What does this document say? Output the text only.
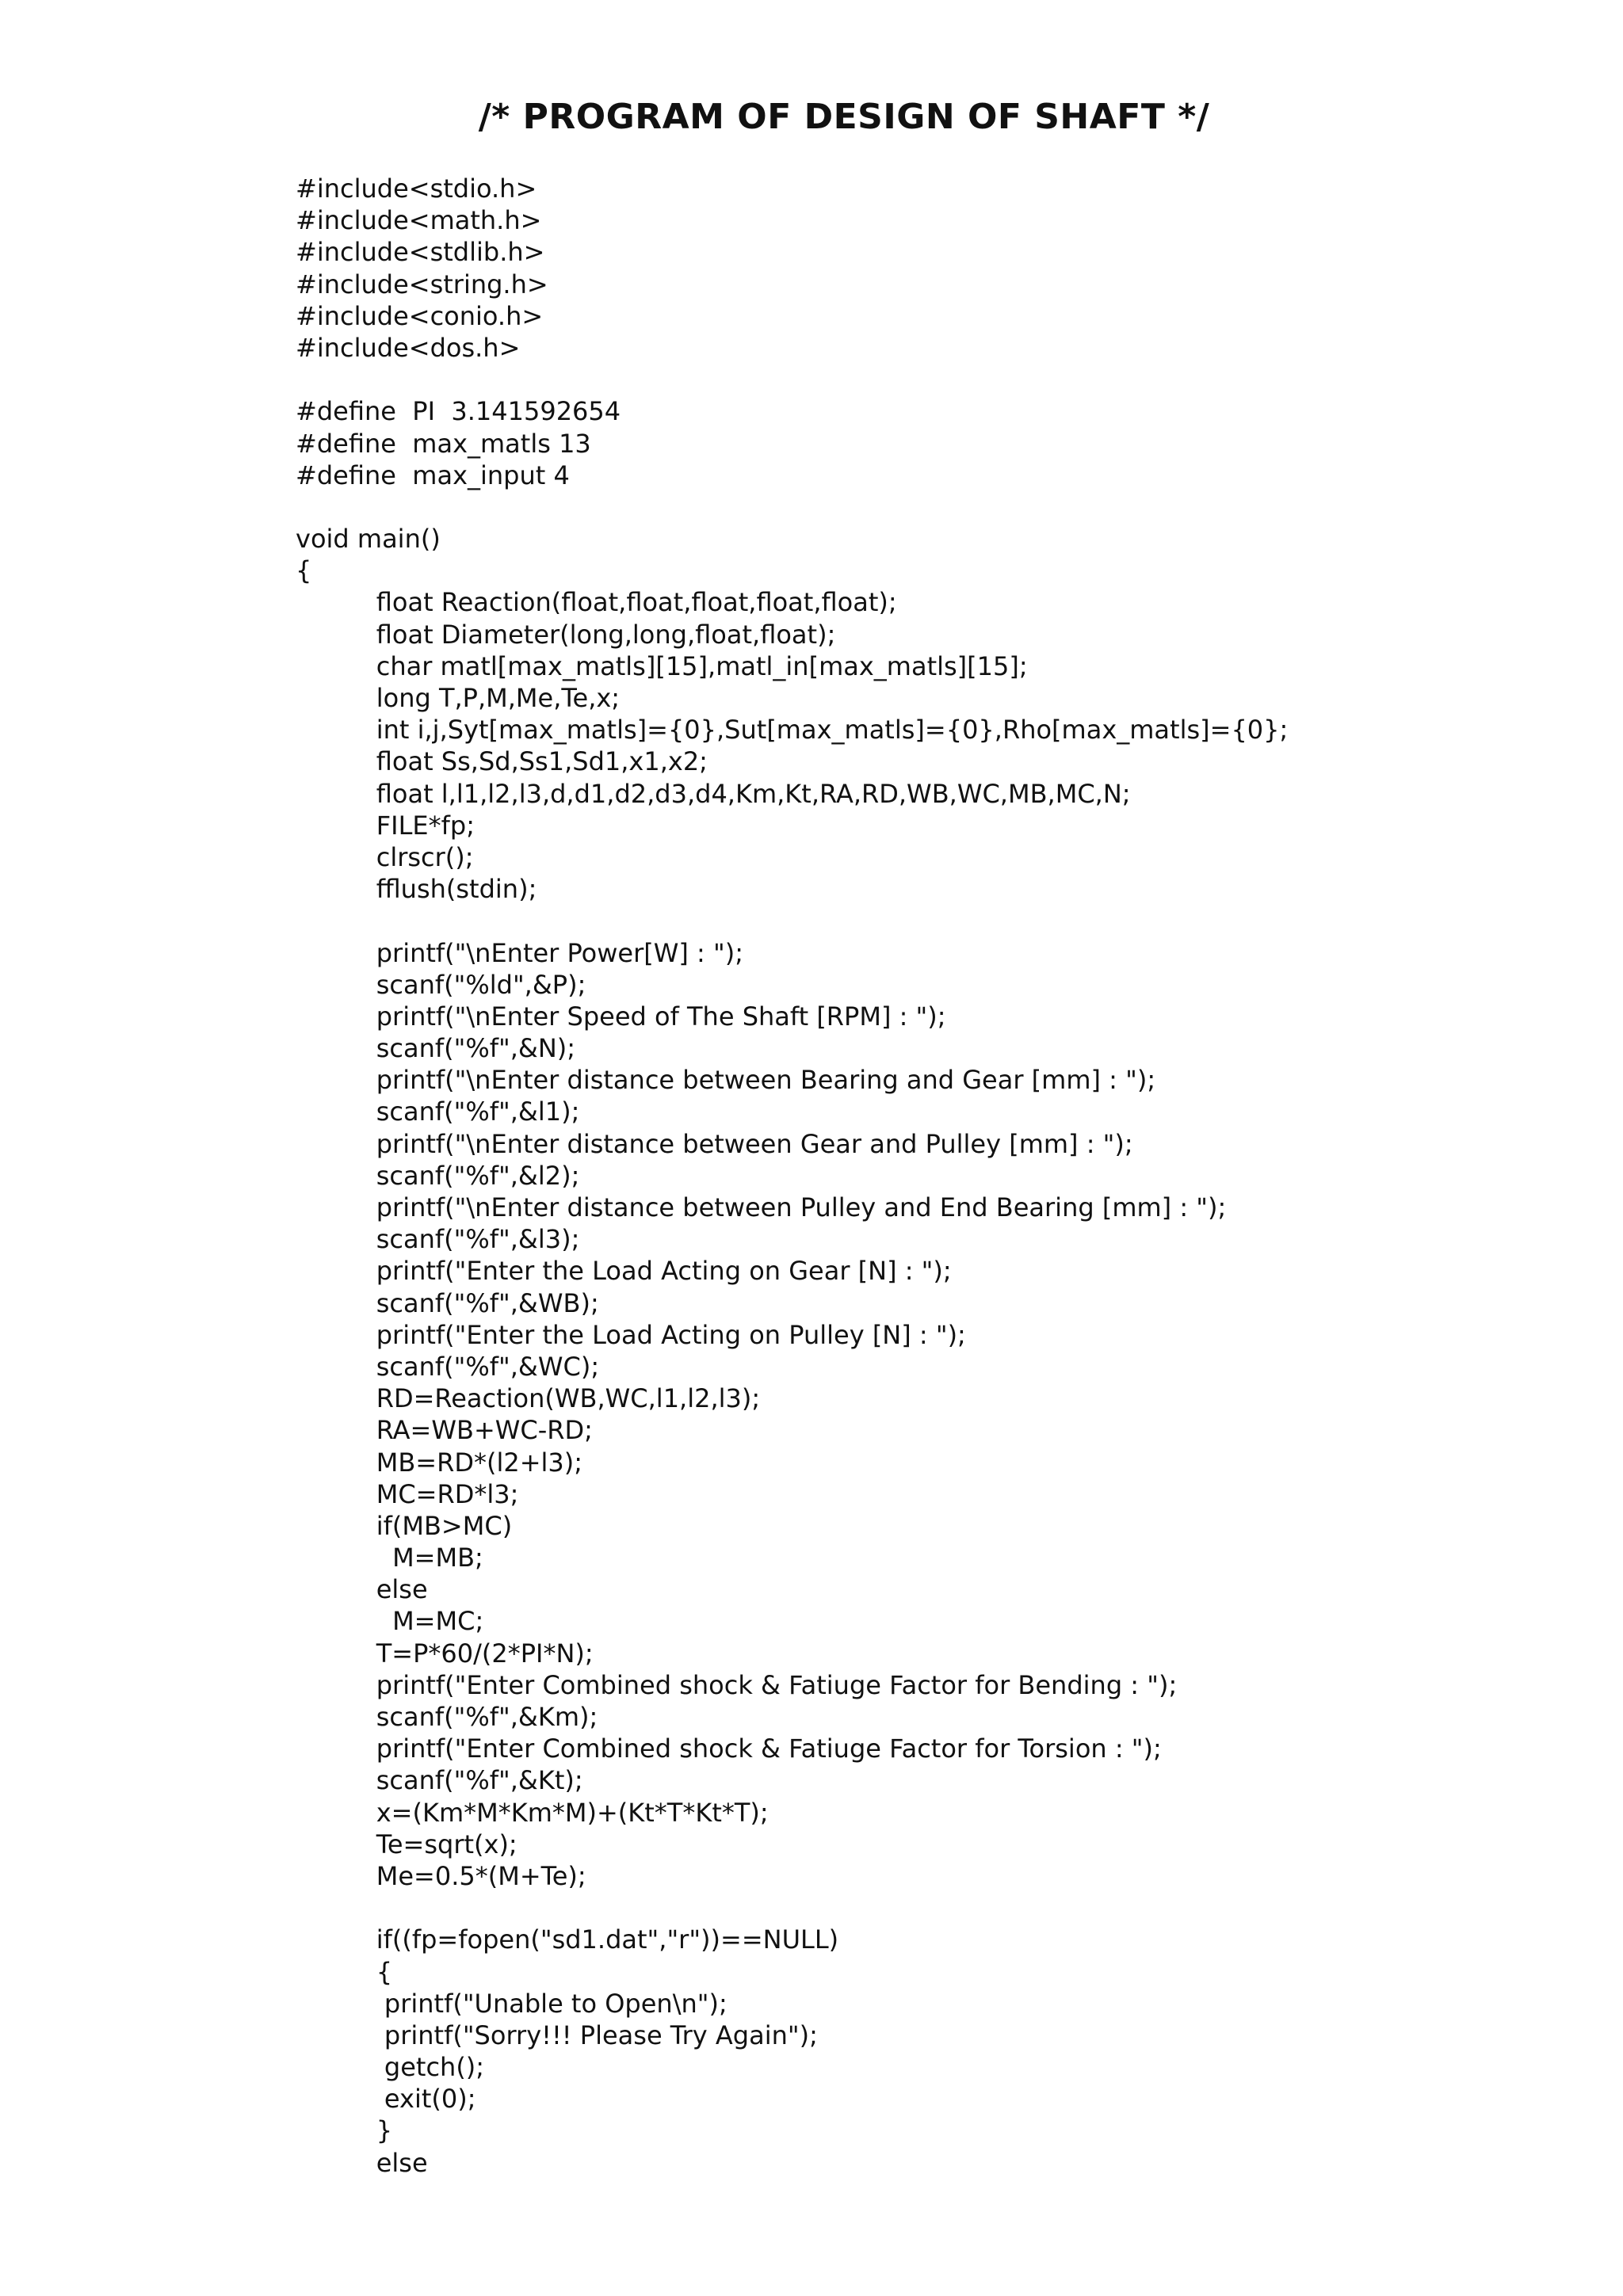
/* PROGRAM OF DESIGN OF SHAFT */
#include<stdio.h>
#include<math.h>
#include<stdlib.h>
#include<string.h>
#include<conio.h>
#include<dos.h>
#define  PI  3.141592654
#define  max_matls 13
#define  max_input 4
void main()
{
float Reaction(float,float,float,float,float);
float Diameter(long,long,float,float);
char matl[max_matls][15],matl_in[max_matls][15];
long T,P,M,Me,Te,x;
int i,j,Syt[max_matls]={0},Sut[max_matls]={0},Rho[max_matls]={0};
float Ss,Sd,Ss1,Sd1,x1,x2;
float l,l1,l2,l3,d,d1,d2,d3,d4,Km,Kt,RA,RD,WB,WC,MB,MC,N;
FILE*fp;
clrscr();
fflush(stdin);
printf("\nEnter Power[W] : ");
scanf("%ld",&P);
printf("\nEnter Speed of The Shaft [RPM] : ");
scanf("%f",&N);
printf("\nEnter distance between Bearing and Gear [mm] : ");
scanf("%f",&l1);
printf("\nEnter distance between Gear and Pulley [mm] : ");
scanf("%f",&l2);
printf("\nEnter distance between Pulley and End Bearing [mm] : ");
scanf("%f",&l3);
printf("Enter the Load Acting on Gear [N] : ");
scanf("%f",&WB);
printf("Enter the Load Acting on Pulley [N] : ");
scanf("%f",&WC);
RD=Reaction(WB,WC,l1,l2,l3);
RA=WB+WC-RD;
MB=RD*(l2+l3);
MC=RD*l3;
if(MB>MC)
M=MB;
else
M=MC;
T=P*60/(2*PI*N);
printf("Enter Combined shock & Fatiuge Factor for Bending : ");
scanf("%f",&Km);
printf("Enter Combined shock & Fatiuge Factor for Torsion : ");
scanf("%f",&Kt);
x=(Km*M*Km*M)+(Kt*T*Kt*T);
Te=sqrt(x);
Me=0.5*(M+Te);
if((fp=fopen("sd1.dat","r"))==NULL)
{
printf("Unable to Open\n");
printf("Sorry!!! Please Try Again");
getch();
exit(0);
}
else
